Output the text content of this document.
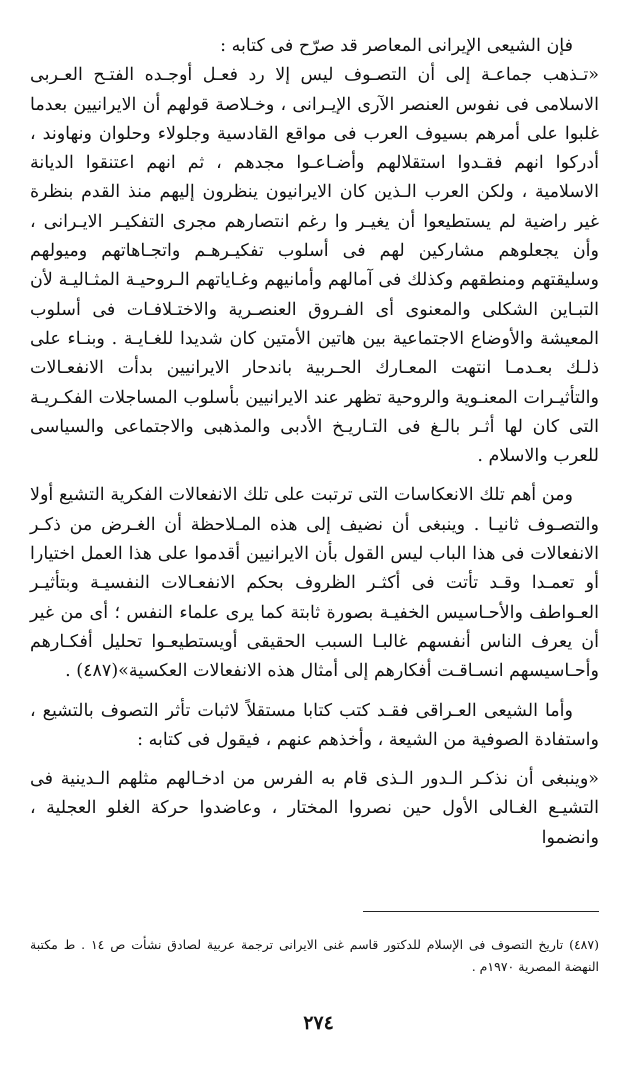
فإن الشيعى الإيرانى المعاصر قد صرّح فى كتابه :

«تـذهب جماعـة إلى أن التصـوف ليس إلا رد فعـل أوجـده الفتـح العـربى الاسلامى فى نفوس العنصر الآرى الإيـرانى ، وخـلاصة قولهم أن الايرانيين بعدما غلبوا على أمرهم بسيوف العرب فى مواقع القادسية وجلولاء وحلوان ونهاوند ، أدركوا انهم فقـدوا استقلالهم وأضـاعـوا مجدهم ، ثم انهم اعتنقوا الديانة الاسلامية ، ولكن العرب الـذين كان الايرانيون ينظرون إليهم منذ القدم بنظرة غير راضية لم يستطيعوا أن يغيـر وا رغم انتصارهم مجرى التفكيـر الايـرانى ، وأن يجعلوهم مشاركين لهم فى أسلوب تفكيـرهـم واتجـاهاتهم وميولهم وسليقتهم ومنطقهم وكذلك فى آمالهم وأمانيهم وغـاياتهم الـروحيـة المثـاليـة لأن التبـاين الشكلى والمعنوى أى الفـروق العنصـرية والاختـلافـات فى أسلوب المعيشة والأوضاع الاجتماعية بين هاتين الأمتين كان شديدا للغـايـة . وبنـاء على ذلـك بعـدمـا انتهت المعـارك الحـربية باندحار الايرانيين بدأت الانفعـالات والتأثيـرات المعنـوية والروحية تظهر عند الايرانيين بأسلوب المساجلات الفكـريـة التى كان لها أثـر بالـغ فى التـاريـخ الأدبى والمذهبى والاجتماعى والسياسى للعرب والاسلام .

ومن أهم تلك الانعكاسات التى ترتبت على تلك الانفعالات الفكرية التشيع أولا والتصـوف ثانيـا . وينبغى أن نضيف إلى هذه المـلاحظة أن الغـرض من ذكـر الانفعالات فى هذا الباب ليس القول بأن الايرانيين أقدموا على هذا العمل اختيارا أو تعمـدا وقـد تأتت فى أكثـر الظروف بحكم الانفعـالات النفسيـة وبتأثيـر العـواطف والأحـاسيس الخفيـة بصورة ثابتة كما يرى علماء النفس ؛ أى من غير أن يعرف الناس أنفسهم غالبـا السبب الحقيقى أويستطيعـوا تحليل أفكـارهم وأحـاسيسهم انسـاقـت أفكارهم إلى أمثال هذه الانفعالات العكسية»(٤٨٧) .

وأما الشيعى العـراقى فقـد كتب كتابا مستقلاً لاثبات تأثر التصوف بالتشيع ، واستفادة الصوفية من الشيعة ، وأخذهم عنهم ، فيقول فى كتابه :

«وينبغى أن نذكـر الـدور الـذى قام به الفرس من ادخـالهم مثلهم الـدينية فى التشيـع الغـالى الأول حين نصروا المختار ، وعاضدوا حركة الغلو العجلية ، وانضموا

(٤٨٧) تاريخ التصوف فى الإسلام للدكتور قاسم غنى الايرانى ترجمة عربية لصادق نشأت ص ١٤ . ط مكتبة النهضة المصرية ١٩٧٠م .
٢٧٤
